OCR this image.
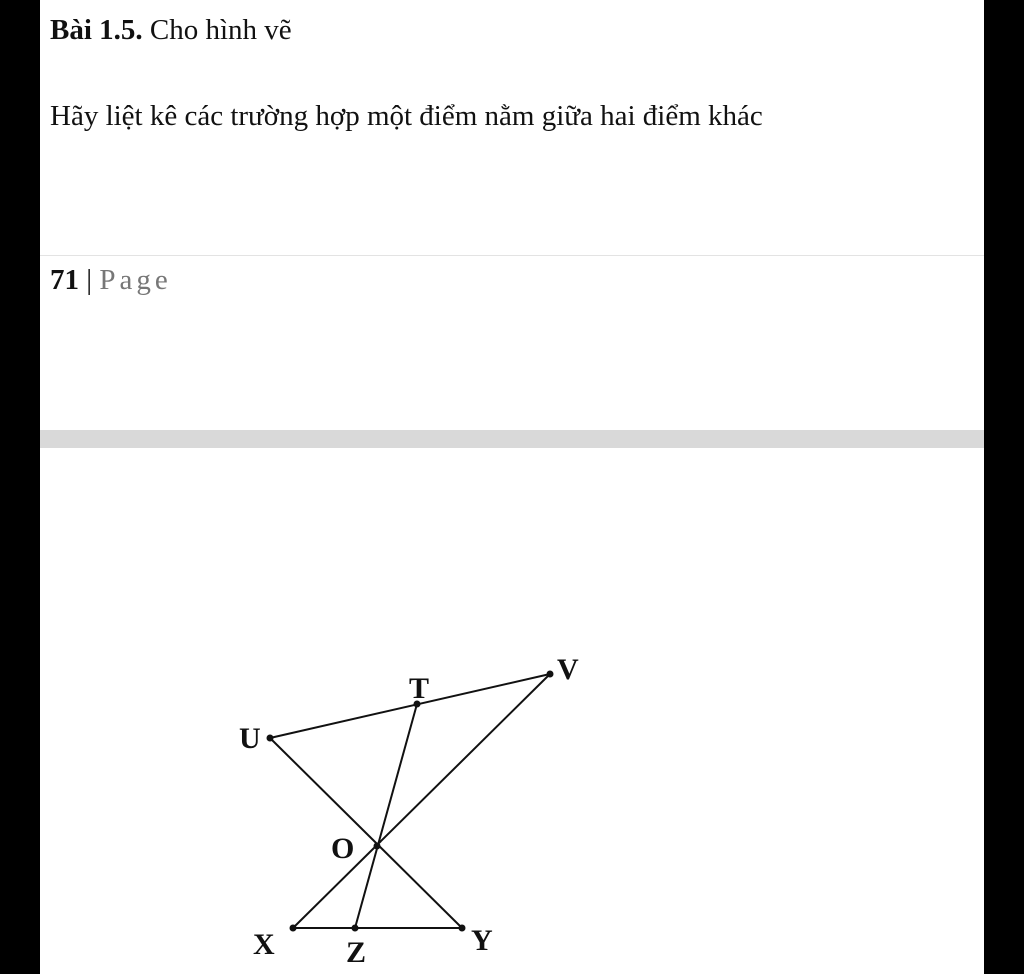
Bài 1.5. Cho hình vẽ
Hãy liệt kê các trường hợp một điểm nằm giữa hai điểm khác
71 | Page
U
T
V
O
X Z	Y
